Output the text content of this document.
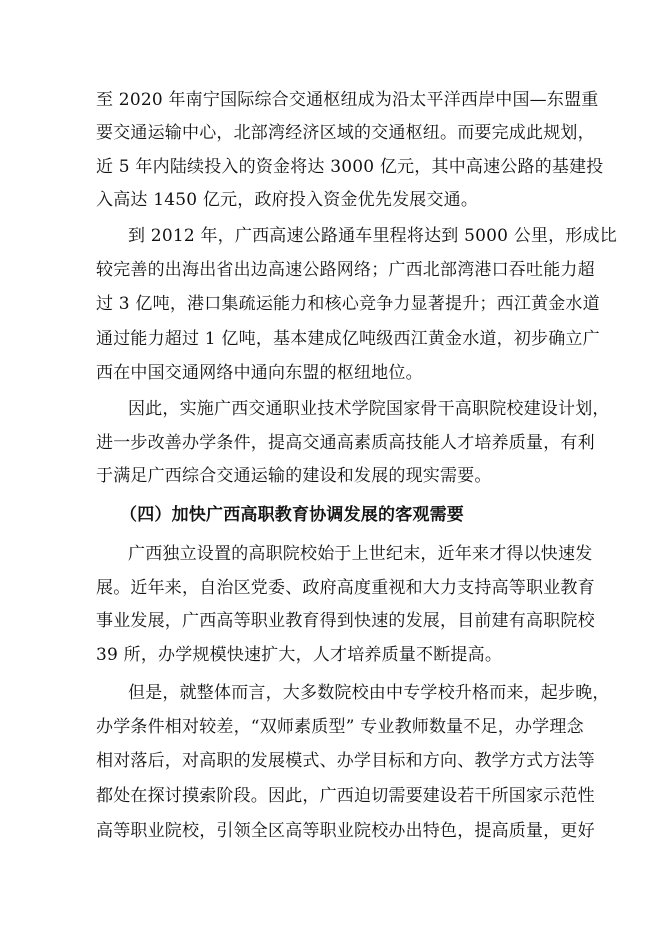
至 2020 年南宁国际综合交通枢纽成为沿太平洋西岸中国—东盟重
要交通运输中心，北部湾经济区域的交通枢纽。而要完成此规划，
近 5 年内陆续投入的资金将达 3000 亿元，其中高速公路的基建投
入高达 1450 亿元，政府投入资金优先发展交通。
到 2012 年，广西高速公路通车里程将达到 5000 公里，形成比
较完善的出海出省出边高速公路网络；广西北部湾港口吞吐能力超
过 3 亿吨，港口集疏运能力和核心竞争力显著提升；西江黄金水道
通过能力超过 1 亿吨，基本建成亿吨级西江黄金水道，初步确立广
西在中国交通网络中通向东盟的枢纽地位。
因此，实施广西交通职业技术学院国家骨干高职院校建设计划，
进一步改善办学条件，提高交通高素质高技能人才培养质量，有利
于满足广西综合交通运输的建设和发展的现实需要。
（四）加快广西高职教育协调发展的客观需要
广西独立设置的高职院校始于上世纪末，近年来才得以快速发
展。近年来，自治区党委、政府高度重视和大力支持高等职业教育
事业发展，广西高等职业教育得到快速的发展，目前建有高职院校
39 所，办学规模快速扩大，人才培养质量不断提高。
但是，就整体而言，大多数院校由中专学校升格而来，起步晚，
办学条件相对较差，“双师素质型” 专业教师数量不足，办学理念
相对落后，对高职的发展模式、办学目标和方向、教学方式方法等
都处在探讨摸索阶段。因此，广西迫切需要建设若干所国家示范性
高等职业院校，引领全区高等职业院校办出特色，提高质量，更好
